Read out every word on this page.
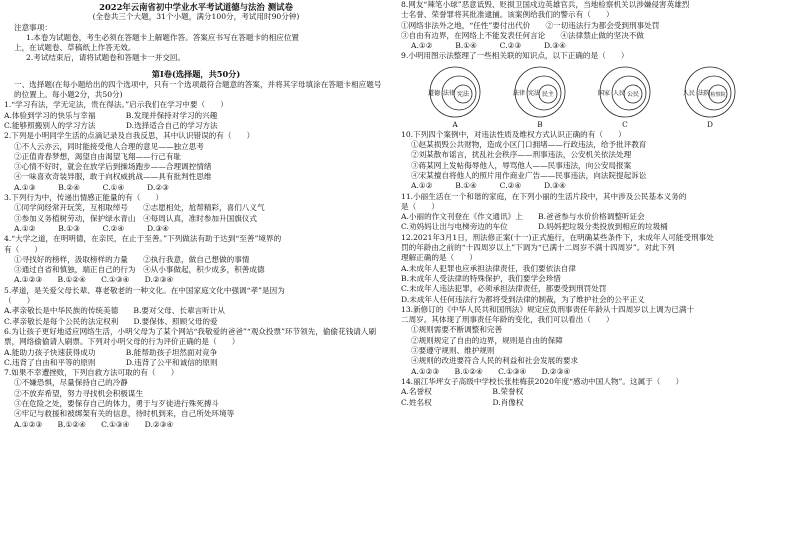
2022年云南省初中学业水平考试道德与法治 测试卷
(全卷共三个大题，31个小题，满分100分，考试用时90分钟)
注意事项：
1.本卷为试题卷，考生必须在答题卡上解题作答。答案应书写在答题卡的相应位置
上，在试题卷、草稿纸上作答无效。
2.考试结束后，请将试题卷和答题卡一并交回。
第Ⅰ卷(选择题，共50分)
一、选择题(在每小题给出的四个选项中，只有一个选项最符合题意的答案，并将其字母填涂在答题卡相应题号的位置上。每小题2分，共50分)
1.“学习有法，学无定法，贵在得法。”启示我们在学习中要（　　）
A.体验到学习的快乐与幸福　　　　B.发现并保持对学习的兴趣
C.能够照搬别人的学习方法　　　　D.选择适合自己的学习方法
2.下列是小明同学生活的点滴记录及自我反思，其中认识错误的有（　　）
①不人云亦云，同时能接受他人合理的意见——独立思考
②正值青春梦想，渴望自由渴望飞翔——行己有耻
③心情不好时，就会在放学后到操场跑步——合理调控情绪
④一味喜欢奇装异服，敢于向权威挑战——具有批判性思维
A.①③　　　B.②④　　　C.①④　　　D.②③
3.下列行为中，传递出情感正能量的有（　　）
①同学间经常开玩笑，互相取绰号　　②志愿相处，尬帮精彩，喜们八义气
③参加义务植树劳动，保护绿水青山　④每周认真，准时参加升国旗仪式
A.①②　　　B.①③　　　C.②④　　　D.③④
4.“大学之道，在明明德，在亲民，在止于至善。”下列做法有助于达到“至善”境界的
有（　　）
①寻找好的榜样，汲取榜样的力量　　②执行我意，做自己想做的事情
③通过自省和慎独，端正自己的行为　④从小事做起，积少成多，积善成德
A.①②③　　B.①②④　　C.①③④　　D.②③④
5.孝道，是关爱父母长辈、尊老敬老的一种文化。在中国家庭文化中强调“孝”是因为
（　　）
A.孝亲敬长是中华民族的传统美德　　B.要对父母、长辈言听计从
C.孝亲敬长是每个公民的法定权利　　D.要保体、照顾父母的爱
6.为让孩子更好地适应网络生活，小明父母为了某个网站“我敬爱的爸爸”“观众投票”环节领先，偷偷花钱请人刷票，网络偷偷请人刷票。下列对小明父母的行为评价正确的是（　　）
A.能助力孩子快速获得成功　　　　B.能帮助孩子坦然面对竞争
C.违背了自由和平等的原则　　　　D.违背了公平和诚信的原则
7.如果不幸遭挫败，下列自救方法可取的有（　　）
①不嫌恐惧，尽量保持自己的冷静
②不放弃希望，努力寻找机会积极谋生
③在危险之处，要保存自己的体力，勇于与歹徒进行殊死搏斗
④牢记与救援和被绑架有关的信息，待时机到来，自己所处环境等
A.①②③　　B.①②④　　C.①③④　　D.②③④
8.网友“辣笔小球”恶意诋毁、贬损卫国戍边英雄官兵，当地检察机关以涉嫌侵害英雄烈
士名誉、荣誉罪将其批准逮捕。该案例给我们的警示有（　　）
①网络非法外之地，“任性”要付出代价　　②一切违法行为都会受到刑事处罚
③自由有边界，在网络上不能发表任何言论　　④法律禁止做的坚决不做
A.①②　　　B.①④　　　C.②③　　　D.③④
9.小明用图示法整理了一些相关联的知识点，以下正确的是（　　）
道德 法律 宪法
A
法律 宪法 民主
B
国家 人民 公民
C
人民 法院 检察院
D
10.下列四个案例中，对违法性质及维权方式认识正确的有（　　）
①赵某损毁公共财物，造成小区门口拥堵——行政违法，给予批评教育
②刘某散布谣言，扰乱社会秩序——刑事违法，公安机关依法处理
③蒋某网上发帖侮辱他人，辱骂他人——民事违法，向公安局报案
④宋某擅自将他人的照片用作商业广告——民事违法，向法院提起诉讼
A.①②　　　B.①④　　　C.②④　　　D.③④
11.小丽生活在一个和谐的家庭，在下列小丽的生活片段中，其中涉及公民基本义务的
是（　　）
A.小丽的作文刊登在《作文通讯》上　　B.爸爸参与水价价格调整听证会
C.劝妈妈让出与电梯旁边的车位　　　　D.妈妈把垃圾分类投放到相应的垃圾桶
12.2021年3月1日，刑法修正案(十一)正式施行，在明确某些条件下，未成年人可能受刑事处
罚的年龄由之前的“十四周岁以上”下调为“已满十二周岁不满十四周岁”。对此下列
理解正确的是（　　）
A.未成年人犯罪也应承担法律责任，我们要依法自律
B.未成年人受法律的特殊保护，我们要学会珍惜
C.未成年人违法犯罪，必须承担法律责任，都要受到刑罚处罚
D.未成年人任何违法行为都将受到法律的制裁，为了维护社会的公平正义
13.新修订的《中华人民共和国刑法》规定应负刑事责任年龄从十四周岁以上调为已满十
二周岁。其体现了刑事责任年龄的变化，我们可以看出（　　）
①规则需要不断调整和完善
②规则规定了自由的边界，规则是自由的保障
③要遵守规则、维护规则
④规则的改进要符合人民的利益和社会发展的要求
A.①②③　　B.①②④　　C.①③④　　D.②③④
14.丽江华坪女子高级中学校长张桂梅获2020年度“感动中国人物”。这属于（　　）
A.名誉权　　　　　　　　B.荣誉权
C.姓名权　　　　　　　　D.肖像权
